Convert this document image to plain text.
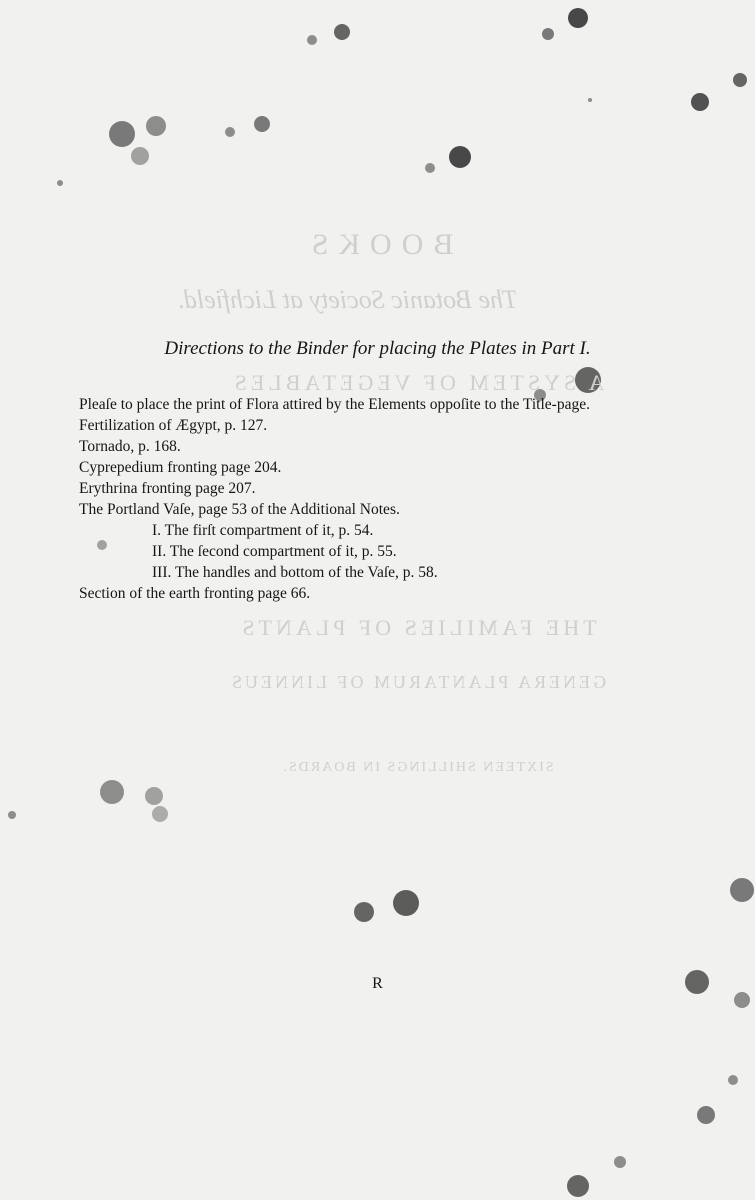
BOOKS
The Botanic Society at Lichfield.
A SYSTEM OF VEGETABLES
THE FAMILIES OF PLANTS
GENERA PLANTARUM OF LINNEUS
SIXTEEN SHILLINGS IN BOARDS.
Directions to the Binder for placing the Plates in Part I.
Pleaſe to place the print of Flora attired by the Elements oppoſite to the Title-page.
Fertilization of Ægypt, p. 127.
Tornado, p. 168.
Cyprepedium fronting page 204.
Erythrina fronting page 207.
The Portland Vaſe, page 53 of the Additional Notes.
I. The firſt compartment of it, p. 54.
II. The ſecond compartment of it, p. 55.
III. The handles and bottom of the Vaſe, p. 58.
Section of the earth fronting page 66.
R
